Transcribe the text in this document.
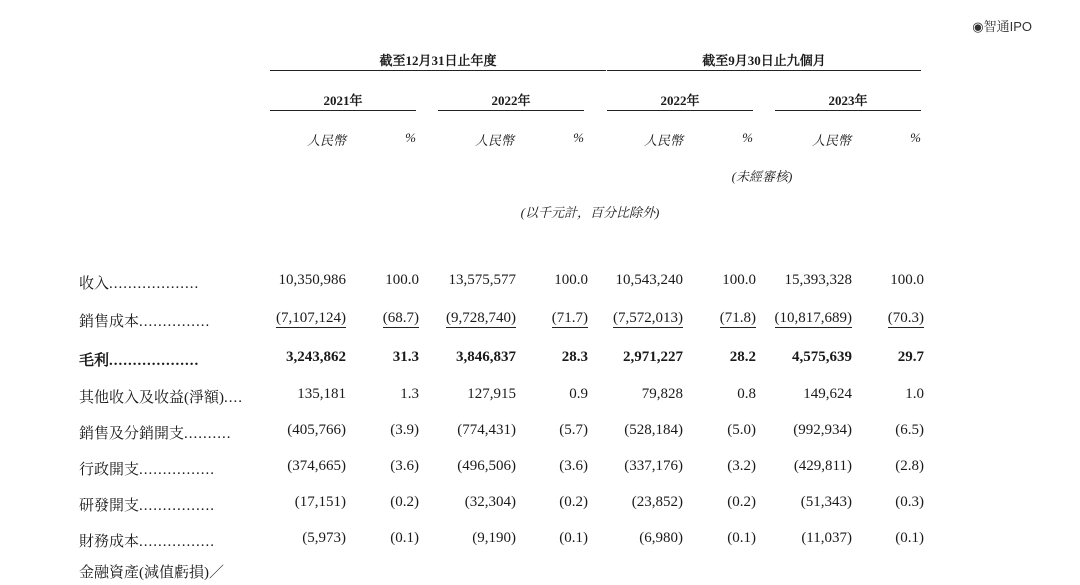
◉智通IPO
截至12月31日止年度	截至9月30日止九個月
2021年	2022年	2022年	2023年
人民幣	%	人民幣	%	人民幣	%	人民幣	%
(未經審核)
(以千元計，百分比除外)
收入...................	10,350,986	100.0	13,575,577	100.0	10,543,240	100.0	15,393,328	100.0
銷售成本...............	(7,107,124)	(68.7)	(9,728,740)	(71.7)	(7,572,013)	(71.8)	(10,817,689)	(70.3)
毛利...................	3,243,862	31.3	3,846,837	28.3	2,971,227	28.2	4,575,639	29.7
其他收入及收益(淨額)....	135,181	1.3	127,915	0.9	79,828	0.8	149,624	1.0
銷售及分銷開支..........	(405,766)	(3.9)	(774,431)	(5.7)	(528,184)	(5.0)	(992,934)	(6.5)
行政開支................	(374,665)	(3.6)	(496,506)	(3.6)	(337,176)	(3.2)	(429,811)	(2.8)
研發開支................	(17,151)	(0.2)	(32,304)	(0.2)	(23,852)	(0.2)	(51,343)	(0.3)
財務成本................	(5,973)	(0.1)	(9,190)	(0.1)	(6,980)	(0.1)	(11,037)	(0.1)
金融資產(減值虧損)／
